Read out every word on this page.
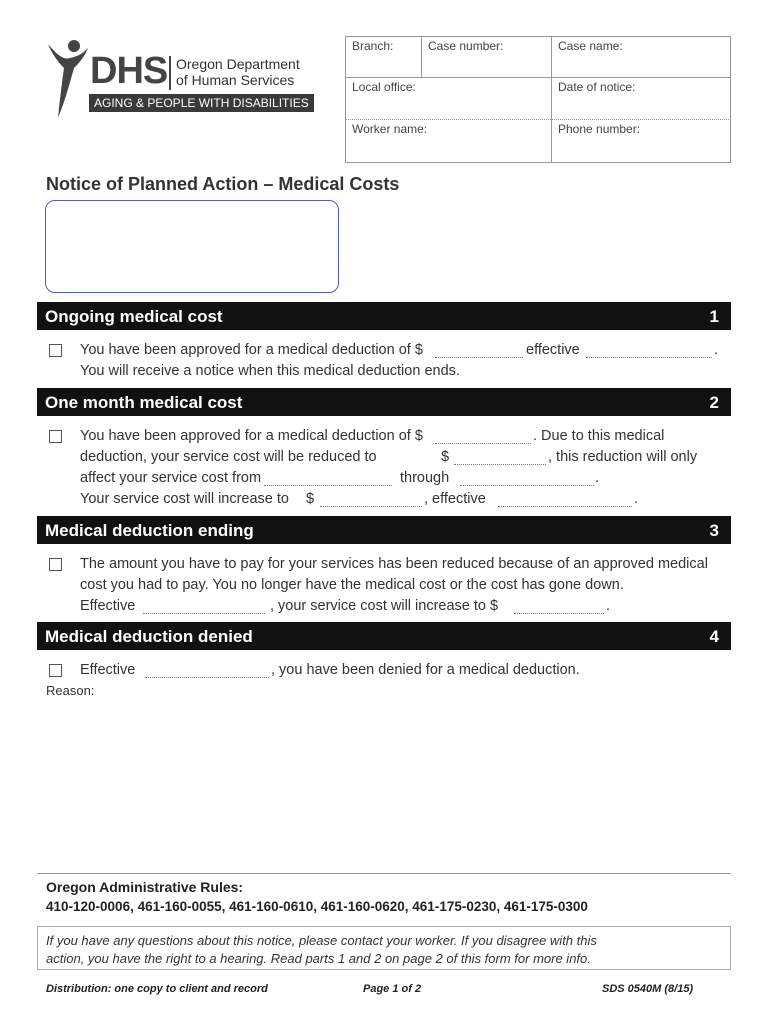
DHS Oregon Department
of Human Services
AGING & PEOPLE WITH DISABILITIES
Branch:	Case number:	Case name:
Local office:	Date of notice:
Worker name:	Phone number:
Notice of Planned Action – Medical Costs
Ongoing medical cost	1
You have been approved for a medical deduction of $	effective	.
You will receive a notice when this medical deduction ends.
One month medical cost	2
You have been approved for a medical deduction of $	. Due to this medical
deduction, your service cost will be reduced to	$	, this reduction will only
affect your service cost from	through	.
Your service cost will increase to $	, effective	.
Medical deduction ending	3
The amount you have to pay for your services has been reduced because of an approved medical
cost you had to pay. You no longer have the medical cost or the cost has gone down.
Effective	, your service cost will increase to $	.
Medical deduction denied	4
Effective	, you have been denied for a medical deduction.
Reason:
Oregon Administrative Rules:
410-120-0006, 461-160-0055, 461-160-0610, 461-160-0620, 461-175-0230, 461-175-0300
If you have any questions about this notice, please contact your worker. If you disagree with this
action, you have the right to a hearing. Read parts 1 and 2 on page 2 of this form for more info.
Distribution: one copy to client and record	Page 1 of 2	SDS 0540M (8/15)
